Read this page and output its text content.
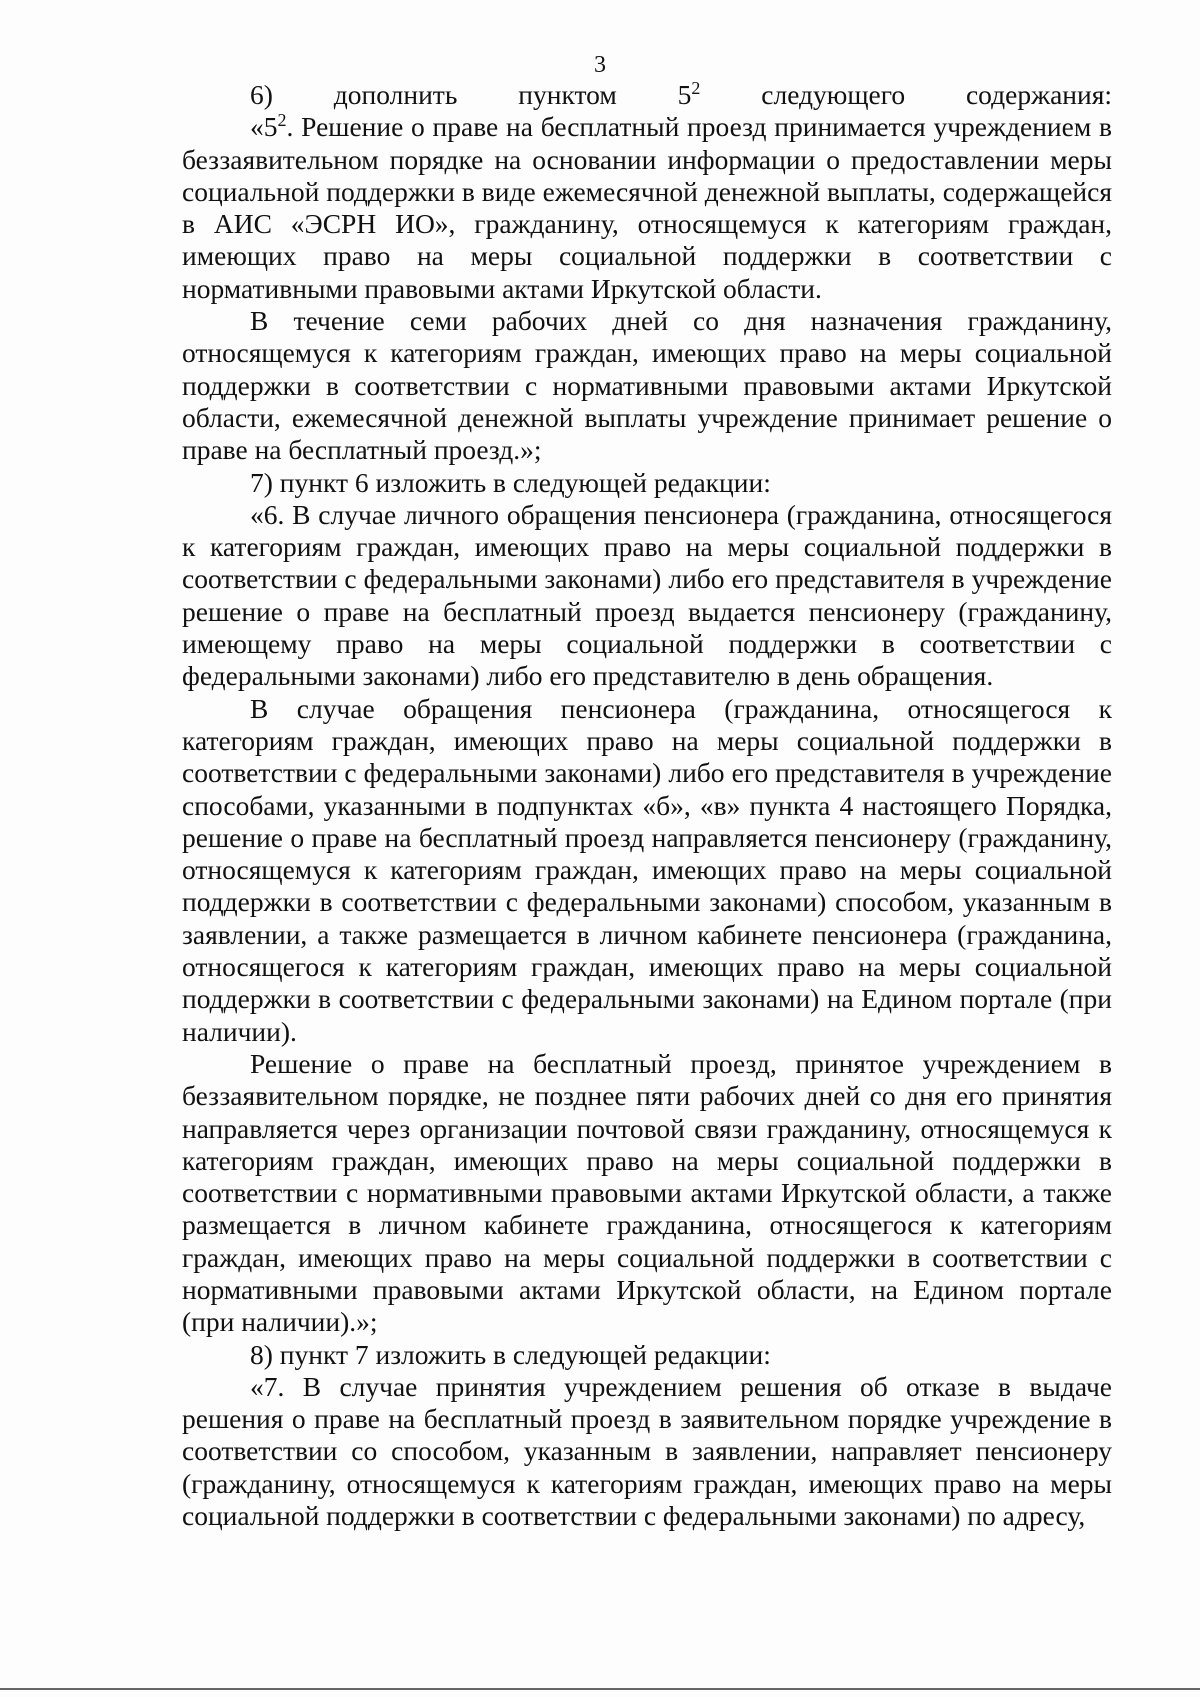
3

6) дополнить пунктом $5^2$ следующего содержания:

«$5^2$. Решение о праве на бесплатный проезд принимается учреждением в беззаявительном порядке на основании информации о предоставлении меры социальной поддержки в виде ежемесячной денежной выплаты, содержащейся в АИС «ЭСРН ИО», гражданину, относящемуся к категориям граждан, имеющих право на меры социальной поддержки в соответствии с нормативными правовыми актами Иркутской области.

В течение семи рабочих дней со дня назначения гражданину, относящемуся к категориям граждан, имеющих право на меры социальной поддержки в соответствии с нормативными правовыми актами Иркутской области, ежемесячной денежной выплаты учреждение принимает решение о праве на бесплатный проезд.»;

7) пункт 6 изложить в следующей редакции:

«6. В случае личного обращения пенсионера (гражданина, относящегося к категориям граждан, имеющих право на меры социальной поддержки в соответствии с федеральными законами) либо его представителя в учреждение решение о праве на бесплатный проезд выдается пенсионеру (гражданину, имеющему право на меры социальной поддержки в соответствии с федеральными законами) либо его представителю в день обращения.

В случае обращения пенсионера (гражданина, относящегося к категориям граждан, имеющих право на меры социальной поддержки в соответствии с федеральными законами) либо его представителя в учреждение способами, указанными в подпунктах «б», «в» пункта 4 настоящего Порядка, решение о праве на бесплатный проезд направляется пенсионеру (гражданину, относящемуся к категориям граждан, имеющих право на меры социальной поддержки в соответствии с федеральными законами) способом, указанным в заявлении, а также размещается в личном кабинете пенсионера (гражданина, относящегося к категориям граждан, имеющих право на меры социальной поддержки в соответствии с федеральными законами) на Едином портале (при наличии).

Решение о праве на бесплатный проезд, принятое учреждением в беззаявительном порядке, не позднее пяти рабочих дней со дня его принятия направляется через организации почтовой связи гражданину, относящемуся к категориям граждан, имеющих право на меры социальной поддержки в соответствии с нормативными правовыми актами Иркутской области, а также размещается в личном кабинете гражданина, относящегося к категориям граждан, имеющих право на меры социальной поддержки в соответствии с нормативными правовыми актами Иркутской области, на Едином портале (при наличии).»;

8) пункт 7 изложить в следующей редакции:

«7. В случае принятия учреждением решения об отказе в выдаче решения о праве на бесплатный проезд в заявительном порядке учреждение в соответствии со способом, указанным в заявлении, направляет пенсионеру (гражданину, относящемуся к категориям граждан, имеющих право на меры социальной поддержки в соответствии с федеральными законами) по адресу,
